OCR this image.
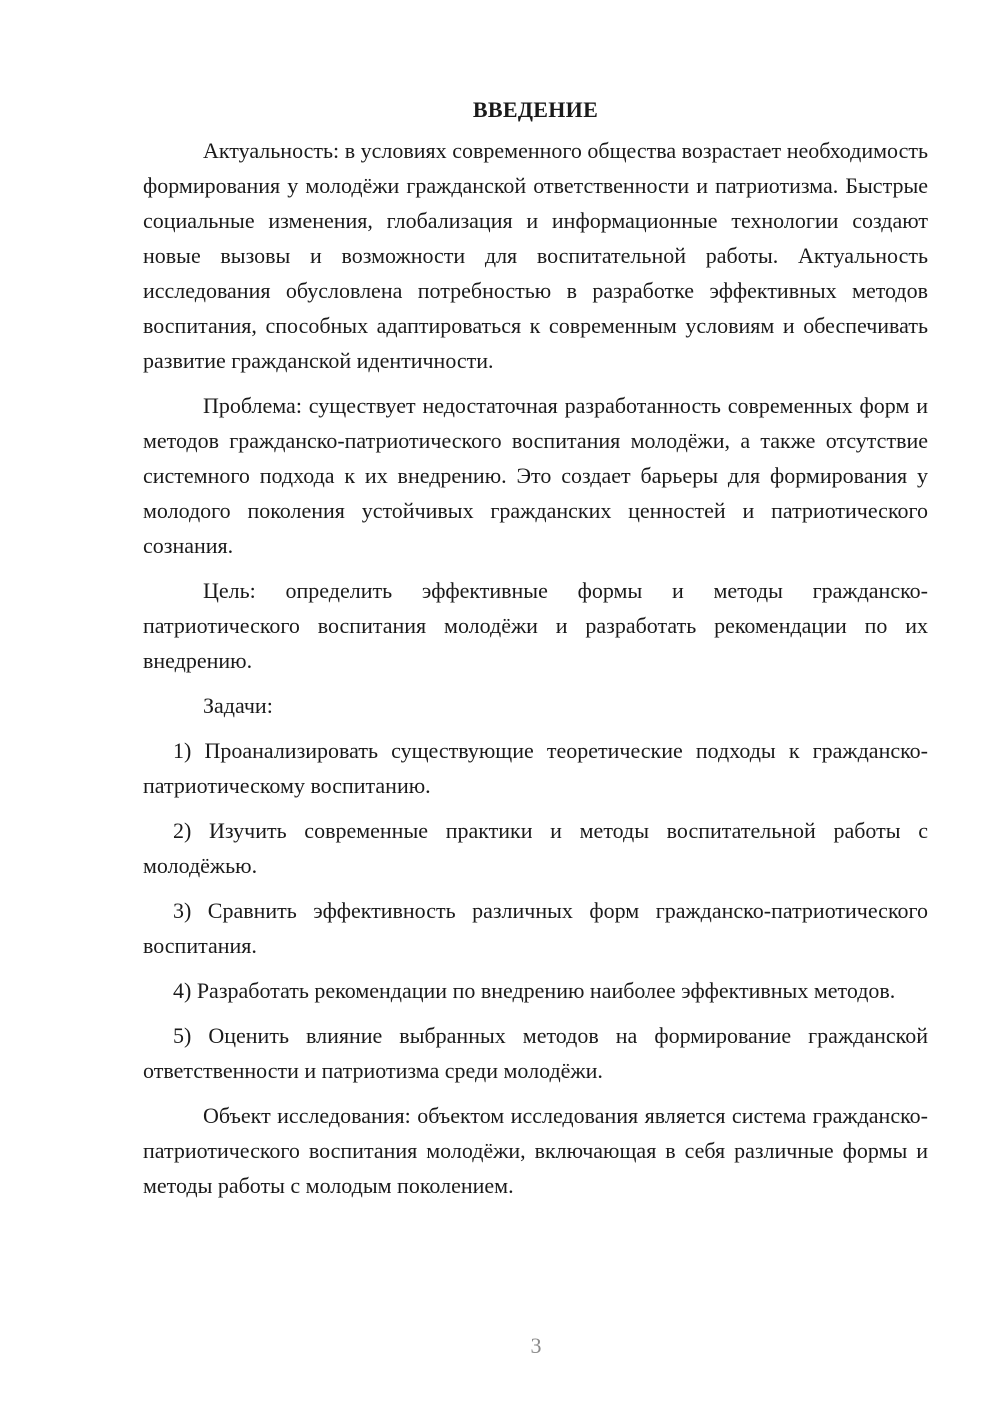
ВВЕДЕНИЕ

Актуальность: в условиях современного общества возрастает необходимость формирования у молодёжи гражданской ответственности и патриотизма. Быстрые социальные изменения, глобализация и информационные технологии создают новые вызовы и возможности для воспитательной работы. Актуальность исследования обусловлена потребностью в разработке эффективных методов воспитания, способных адаптироваться к современным условиям и обеспечивать развитие гражданской идентичности.

Проблема: существует недостаточная разработанность современных форм и методов гражданско-патриотического воспитания молодёжи, а также отсутствие системного подхода к их внедрению. Это создает барьеры для формирования у молодого поколения устойчивых гражданских ценностей и патриотического сознания.

Цель: определить эффективные формы и методы гражданско-патриотического воспитания молодёжи и разработать рекомендации по их внедрению.

Задачи:

1) Проанализировать существующие теоретические подходы к гражданско-патриотическому воспитанию.

2) Изучить современные практики и методы воспитательной работы с молодёжью.

3) Сравнить эффективность различных форм гражданско-патриотического воспитания.

4) Разработать рекомендации по внедрению наиболее эффективных методов.

5) Оценить влияние выбранных методов на формирование гражданской ответственности и патриотизма среди молодёжи.

Объект исследования: объектом исследования является система гражданско-патриотического воспитания молодёжи, включающая в себя различные формы и методы работы с молодым поколением.

3
